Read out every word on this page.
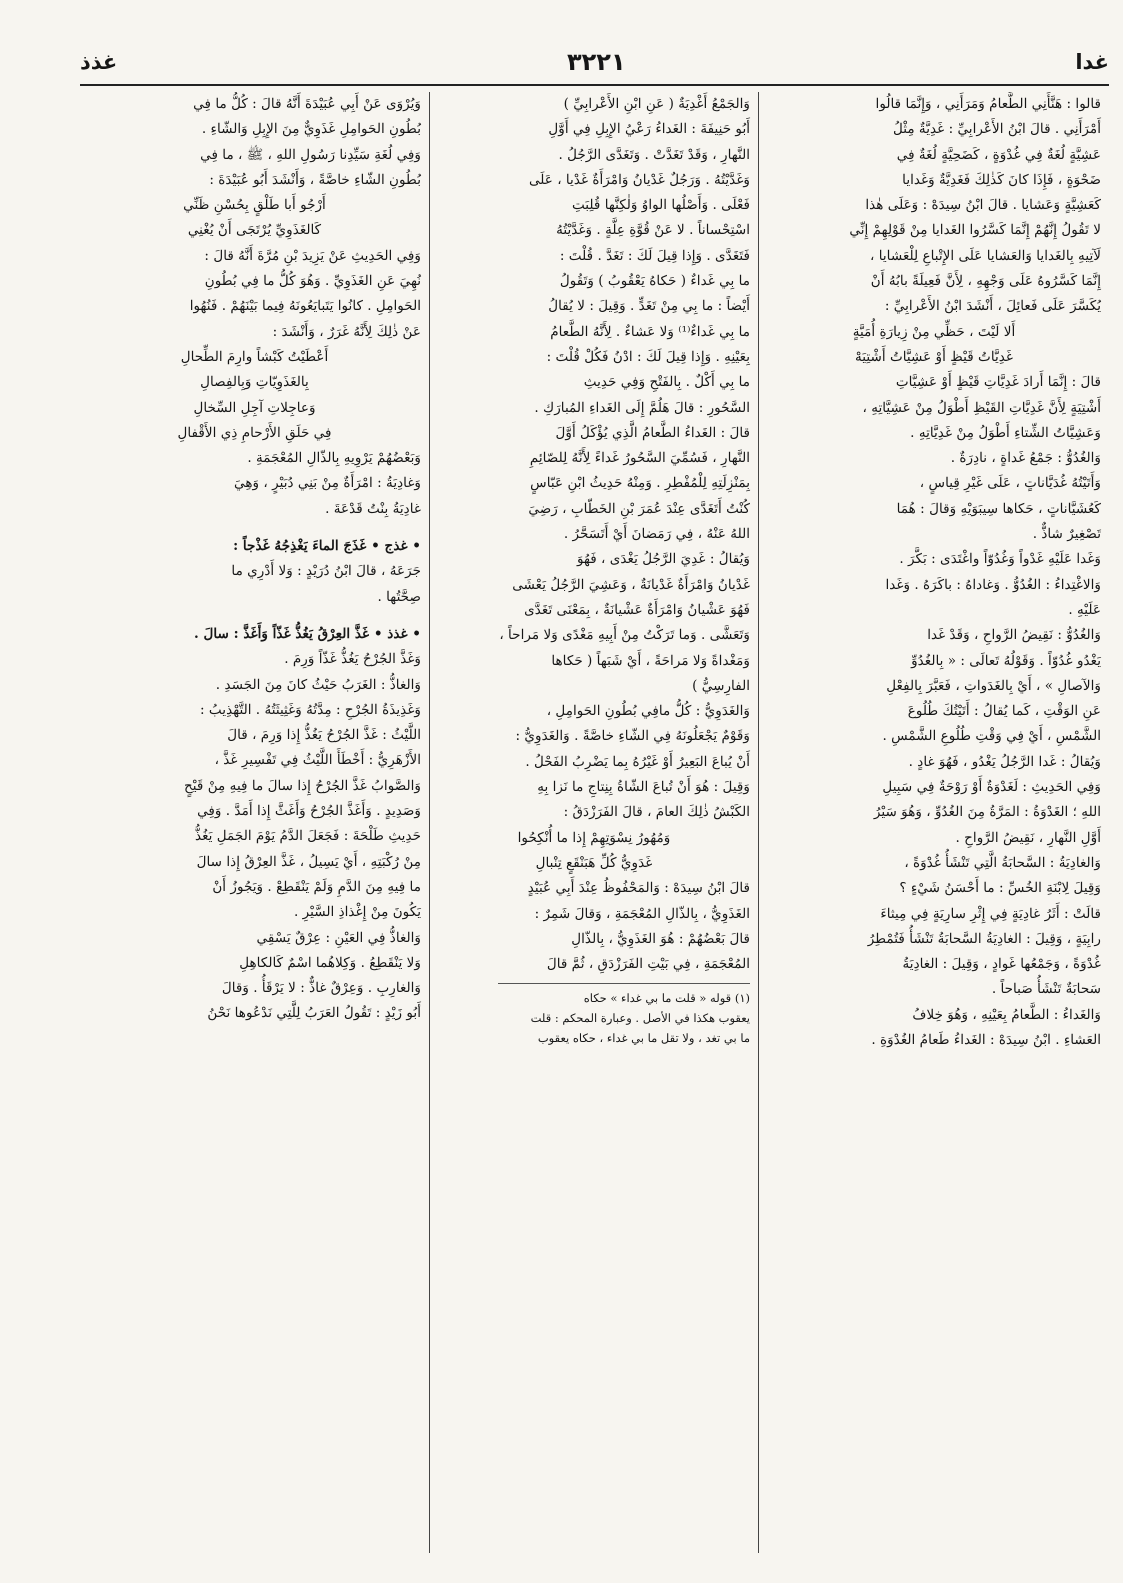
غدا
٣٢٢١
غذذ

قالوا : هَنَّأَنِي الطَّعامُ وَمَرَأَنِي ، وَإِنَّمَا قالُوا

أَمْرَأَنِي . قالَ ابْنُ الأَعْرابِيِّ : غَدِيَّةٌ مِثْلُ

عَشِيَّةٍ لُغَةٌ فِي غُدْوَةٍ ، كَضَحِيَّةٍ لُغَةٌ فِي

ضَحْوَةٍ ، فَإِذَا كانَ كَذٰلِكَ فَغَدِيَّةٌ وَغَدايا

كَعَشِيَّةٍ وَعَشايا . قالَ ابْنُ سِيدَهْ : وَعَلَى هٰذا

لا تَقُولُ إِنَّهُمْ إِنَّمَا كَسَّرُوا الغَدايا مِنْ قَوْلِهِمْ إِنِّي

لَآتِيهِ بِالغَدايا وَالعَشايا عَلَى الإِتْباعِ لِلْعَشايا ،

إِنَّمَا كَسَّرُوهُ عَلَى وَجْهِهِ ، لِأَنَّ فَعِيلَةً بابُهُ أَنْ

يُكَسَّرَ عَلَى فَعائِلَ ، أَنْشَدَ ابْنُ الأَعْرابِيِّ :

أَلا لَيْتَ ، حَظِّي مِنْ زِيارَةِ أُمَيَّةٍ

غَدِيَّاتُ قَيْظٍ أَوْ عَشِيَّاتُ أَشْتِيَهْ

قالَ : إِنَّمَا أَرادَ غَدِيَّاتِ قَيْظٍ أَوْ عَشِيَّاتِ

أَشْتِيَةٍ لِأَنَّ غَدِيَّاتِ القَيْظِ أَطْوَلُ مِنْ عَشِيَّاتِهِ ،

وَعَشِيَّاتُ الشِّتاءِ أَطْوَلُ مِنْ غَدِيَّاتِهِ .

وَالغُدُوُّ : جَمْعُ غَداةٍ ، نادِرَةٌ .

وَأَتَيْتُهُ غُدَيَّاناتٍ ، عَلَى غَيْرِ قِياسٍ ،

كَعُشَيَّاناتٍ ، حَكاها سِيبَوَيْهِ وَقالَ : هُمَا

تَصْغِيرٌ شاذٌّ .

وَغَدا عَلَيْهِ غَدْواً وَغُدُوّاً واغْتَدَى : بَكَّرَ .

وَالاغْتِداءُ : الغُدُوُّ . وَغاداهُ : باكَرَهُ . وَغَدا

عَلَيْهِ .

وَالغُدُوُّ : نَقِيضُ الرَّواحِ ، وَقَدْ غَدا

يَغْدُو غُدُوّاً . وَقَوْلُهُ تَعالَى : « بِالغُدُوِّ

وَالآصالِ » ، أَيْ بِالغَدَواتِ ، فَعَبَّرَ بِالفِعْلِ

عَنِ الوَقْتِ ، كَما يُقالُ : أَتَيْتُكَ طُلُوعَ

الشَّمْسِ ، أَيْ فِي وَقْتِ طُلُوعِ الشَّمْسِ .

وَيُقالُ : غَدا الرَّجُلُ يَغْدُو ، فَهُوَ غادٍ .

وَفِي الحَدِيثِ : لَغَدْوَةٌ أَوْ رَوْحَةٌ فِي سَبِيلِ

اللهِ ؛ الغَدْوَةُ : المَرَّةُ مِنَ الغُدُوِّ ، وَهُوَ سَيْرُ

أَوَّلِ النَّهارِ ، نَقِيضُ الرَّواحِ .

وَالغادِيَةُ : السَّحابَةُ الَّتِي تَنْشَأُ غُدْوَةً ،

وَقِيلَ لِابْنَةِ الخُسِّ : ما أَحْسَنُ شَيْءٍ ؟

قالَتْ : أَثَرُ غادِيَةٍ فِي إِثْرِ سارِيَةٍ فِي مِيثاءَ

رابِيَةٍ ، وَقِيلَ : الغادِيَةُ السَّحابَةُ تَنْشَأُ فَتُمْطِرُ

غُدْوَةً ، وَجَمْعُها غَوادٍ ، وَقِيلَ : الغادِيَةُ

سَحابَةٌ تَنْشَأُ صَباحاً .

وَالغَداءُ : الطَّعامُ بِعَيْنِهِ ، وَهُوَ خِلافُ

العَشاءِ . ابْنُ سِيدَهْ : الغَداءُ طَعامُ الغُدْوَةِ .

وَالجَمْعُ أَغْدِيَةٌ ( عَنِ ابْنِ الأَعْرابِيِّ )

أَبُو حَنِيفَةَ : الغَداءُ رَعْيُ الإِبِلِ فِي أَوَّلِ

النَّهارِ ، وَقَدْ تَغَدَّتْ . وَتَغَدَّى الرَّجُلُ .

وَغَدَّيْتُهُ . وَرَجُلٌ غَدْيانُ وَامْرَأَةٌ غَدْيا ، عَلَى

فَعْلَى . وَأَصْلُها الواوُ وَلٰكِنَّها قُلِبَتِ

اسْتِحْساناً . لا عَنْ قُوَّةِ عِلَّةٍ . وَغَدَّيْتُهُ

فَتَغَدَّى . وَإِذا قِيلَ لَكَ : تَغَدَّ . قُلْتَ :

ما بِي غَداءٌ ( حَكاهُ يَعْقُوبُ ) وَتَقُولُ

أَيْضاً : ما بِي مِنْ تَغَدٍّ . وَقِيلَ : لا يُقالُ

ما بِي غَداءٌ⁽¹⁾ وَلا عَشاءٌ . لِأَنَّهُ الطَّعامُ

بِعَيْنِهِ . وَإِذا قِيلَ لَكَ : ادْنُ فَكُلْ قُلْتَ :

ما بِي أَكْلٌ . بِالفَتْحِ وَفِي حَدِيثِ

السَّحُورِ : قالَ هَلُمَّ إِلَى الغَداءِ المُبارَكِ .

قالَ : الغَداءُ الطَّعامُ الَّذِي يُؤْكَلُ أَوَّلَ

النَّهارِ ، فَسُمِّيَ السَّحُورُ غَداءً لِأَنَّهُ لِلصّائِمِ

بِمَنْزِلَتِهِ لِلْمُفْطِرِ . وَمِنْهُ حَدِيثُ ابْنِ عَبّاسٍ

كُنْتُ أَتَغَدَّى عِنْدَ عُمَرَ بْنِ الخَطّابِ ، رَضِيَ

اللهُ عَنْهُ ، فِي رَمَضانَ أَيْ أَتَسَحَّرُ .

وَيُقالُ : غَدِيَ الرَّجُلُ يَغْدَى ، فَهُوَ

غَدْيانُ وَامْرَأَةٌ غَدْيانَةٌ ، وَعَشِيَ الرَّجُلُ يَعْشَى

فَهُوَ عَشْيانُ وَامْرَأَةٌ عَشْيانَةٌ ، بِمَعْنَى تَغَدَّى

وَتَعَشَّى . وَما تَرَكْتُ مِنْ أَبِيهِ مَغْدًى وَلا مَراحاً ،

وَمَغْداةً وَلا مَراحَةً ، أَيْ شَبَهاً ( حَكاها

الفارِسِيُّ )

وَالغَدَوِيُّ : كُلُّ مافِي بُطُونِ الحَوامِلِ ،

وَقَوْمٌ يَجْعَلُونَهُ فِي الشّاءِ خاصَّةً . وَالغَدَوِيُّ :

أَنْ يُباعَ البَعِيرُ أَوْ غَيْرُهُ بِما يَضْرِبُ الفَحْلُ .

وَقِيلَ : هُوَ أَنْ تُباعَ الشّاةُ بِنِتاجِ ما نَزا بِهِ

الكَبْشُ ذٰلِكَ العامَ ، قالَ الفَرَزْدَقُ :

وَمُهُورُ نِسْوَتِهِمْ إِذا ما أُنْكِحُوا

غَدَوِيُّ كُلِّ هَبَنْقَعٍ تِنْبالِ

قالَ ابْنُ سِيدَهْ : وَالمَحْفُوظُ عِنْدَ أَبِي عُبَيْدٍ

الغَذَوِيُّ ، بِالذّالِ المُعْجَمَةِ ، وَقالَ شَمِرٌ :

قالَ بَعْضُهُمْ : هُوَ الغَذَوِيُّ ، بِالذّالِ

المُعْجَمَةِ ، فِي بَيْتِ الفَرَزْدَقِ ، ثُمَّ قالَ

(١) قوله « قلت ما بي غداء » حكاه

يعقوب هكذا في الأصل . وعبارة المحكم : قلت

ما بي تغد ، ولا تقل ما بي غداء ، حكاه يعقوب

وَيُرْوَى عَنْ أَبِي عُبَيْدَةَ أَنَّهُ قالَ : كُلُّ ما فِي

بُطُونِ الحَوامِلِ غَذَوِيٌّ مِنَ الإِبِلِ وَالشّاءِ .

وَفِي لُغَةِ سَيِّدِنا رَسُولِ اللهِ ، ﷺ ، ما فِي

بُطُونِ الشّاءِ خاصَّةً ، وَأَنْشَدَ أَبُو عُبَيْدَةَ :

أَرْجُو أَبا طَلْقٍ بِحُسْنِ ظَنِّي

كَالغَذَوِيِّ يُرْتَجَى أَنْ يُغْنِي

وَفِي الحَدِيثِ عَنْ يَزِيدَ بْنِ مُرَّةَ أَنَّهُ قالَ :

نُهِيَ عَنِ الغَذَوِيِّ . وَهُوَ كُلُّ ما فِي بُطُونِ

الحَوامِلِ . كانُوا يَتَبايَعُونَهُ فِيما بَيْنَهُمْ . فَنُهُوا

عَنْ ذٰلِكَ لِأَنَّهُ غَرَرٌ ، وَأَنْشَدَ :

أَعْطَيْتُ كَبْشاً وارِمَ الطِّحالِ

بِالغَذَوِيّاتِ وَبِالفِصالِ

وَعاجِلاتِ آجِلِ السِّخالِ

فِي حَلَقِ الأَرْحامِ ذِي الأَقْفالِ

وَبَعْضُهُمْ يَرْوِيهِ بِالذّالِ المُعْجَمَةِ .

وَغادِيَةُ : امْرَأَةٌ مِنْ بَنِي دُبَيْرٍ ، وَهِيَ

غادِيَةُ بِنْتُ قَدْعَةَ .

• غذج • غَذَجَ الماءَ يَغْذِجُهُ غَذْجاً :

جَرَعَهُ ، قالَ ابْنُ دُرَيْدٍ : وَلا أَدْرِي ما

صِحَّتُها .

• غذذ • غَذَّ العِرْقُ يَغُذُّ غَذّاً وَأَغَذَّ : سالَ .

وَغَذَّ الجُرْحُ يَغُذُّ غَذّاً وَرِمَ .

وَالغاذُّ : الغَرَبُ حَيْثُ كانَ مِنَ الجَسَدِ .

وَغَذِيذَةُ الجُرْحِ : مِدَّتُهُ وَغَثِيثَتُهُ . التَّهْذِيبُ :

اللَّيْثُ : غَذَّ الجُرْحُ يَغُذُّ إِذا وَرِمَ ، قالَ

الأَزْهَرِيُّ : أَخْطَأَ اللَّيْثُ فِي تَفْسِيرِ غَذَّ ،

وَالصَّوابُ غَذَّ الجُرْحُ إِذا سالَ ما فِيهِ مِنْ قَيْحٍ

وَصَدِيدٍ . وَأَغَذَّ الجُرْحُ وَأَغَثَّ إِذا أَمَدَّ . وَفِي

حَدِيثِ طَلْحَةَ : فَجَعَلَ الدَّمُ يَوْمَ الجَمَلِ يَغُذُّ

مِنْ رُكْبَتِهِ ، أَيْ يَسِيلُ ، غَذَّ العِرْقُ إِذا سالَ

ما فِيهِ مِنَ الدَّمِ وَلَمْ يَنْقَطِعْ . وَيَجُوزُ أَنْ

يَكُونَ مِنْ إِغْذاذِ السَّيْرِ .

وَالغاذُّ فِي العَيْنِ : عِرْقٌ يَسْقِي

وَلا يَنْقَطِعُ . وَكِلاهُما اسْمٌ كَالكاهِلِ

وَالغارِبِ . وَعِرْقٌ غاذٌّ : لا يَرْقَأُ . وَقالَ

أَبُو زَيْدٍ : تَقُولُ العَرَبُ لِلَّتِي نَدْعُوها نَحْنُ
